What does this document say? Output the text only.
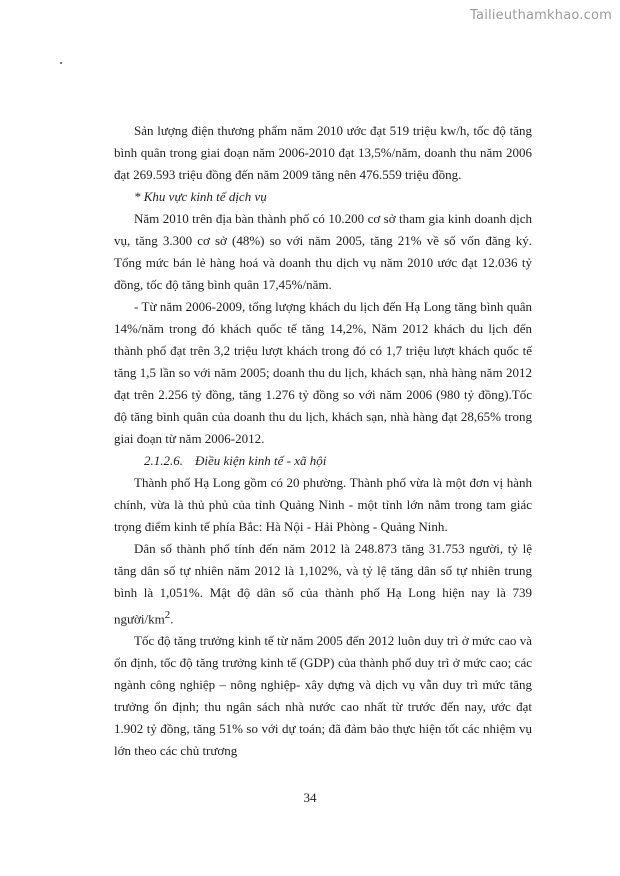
Tailieuthamkhao.com

Sản lượng điện thương phẩm năm 2010 ước đạt 519 triệu kw/h, tốc độ tăng bình quân trong giai đoạn năm 2006-2010 đạt 13,5%/năm, doanh thu năm 2006 đạt 269.593 triệu đồng đến năm 2009 tăng nên 476.559 triệu đồng.

* Khu vực kinh tế dịch vụ

Năm 2010 trên địa bàn thành phố có 10.200 cơ sở tham gia kinh doanh dịch vụ, tăng 3.300 cơ sở (48%) so với năm 2005, tăng 21% về số vốn đăng ký. Tổng mức bán lẻ hàng hoá và doanh thu dịch vụ năm 2010 ước đạt 12.036 tỷ đồng, tốc độ tăng bình quân 17,45%/năm.

- Từ năm 2006-2009, tổng lượng khách du lịch đến Hạ Long tăng bình quân 14%/năm trong đó khách quốc tế tăng 14,2%, Năm 2012 khách du lịch đến thành phố đạt trên 3,2 triệu lượt khách trong đó có 1,7 triệu lượt khách quốc tế tăng 1,5 lần so với năm 2005; doanh thu du lịch, khách sạn, nhà hàng năm 2012 đạt trên 2.256 tỷ đồng, tăng 1.276 tỷ đồng so với năm 2006 (980 tỷ đồng).Tốc độ tăng bình quân của doanh thu du lịch, khách sạn, nhà hàng đạt 28,65% trong giai đoạn từ năm 2006-2012.

2.1.2.6. Điều kiện kinh tế - xã hội

Thành phố Hạ Long gồm có 20 phường. Thành phố vừa là một đơn vị hành chính, vừa là thủ phủ của tỉnh Quảng Ninh - một tỉnh lớn nằm trong tam giác trọng điểm kinh tế phía Bắc: Hà Nội - Hải Phòng - Quảng Ninh.

Dân số thành phố tính đến năm 2012 là 248.873 tăng 31.753 người, tỷ lệ tăng dân số tự nhiên năm 2012 là 1,102%, và tỷ lệ tăng dân số tự nhiên trung bình là 1,051%. Mật độ dân số của thành phố Hạ Long hiện nay là 739 người/$km^2$.

Tốc độ tăng trưởng kinh tế từ năm 2005 đến 2012 luôn duy trì ở mức cao và ổn định, tốc độ tăng trưởng kinh tế (GDP) của thành phố duy trì ở mức cao; các ngành công nghiệp – nông nghiệp- xây dựng và dịch vụ vẫn duy trì mức tăng trưởng ổn định; thu ngân sách nhà nước cao nhất từ trước đến nay, ước đạt 1.902 tỷ đồng, tăng 51% so với dự toán; đã đảm bảo thực hiện tốt các nhiệm vụ lớn theo các chủ trương

34
